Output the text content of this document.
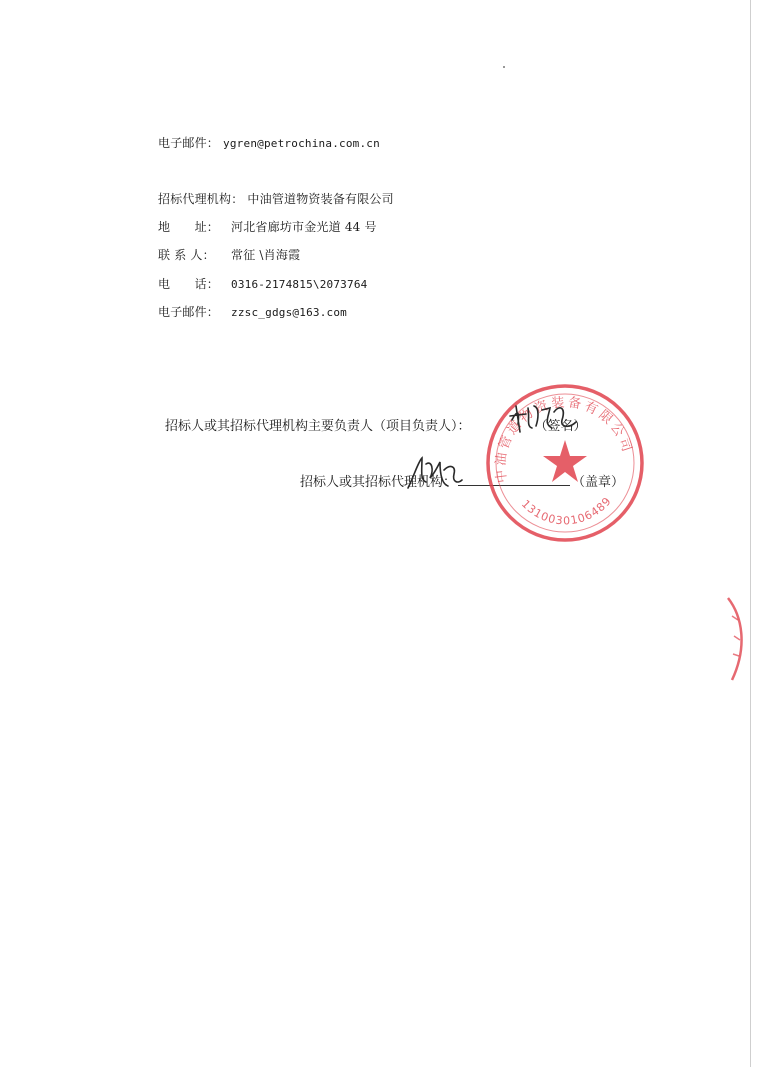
电子邮件： ygren@petrochina.com.cn
招标代理机构： 中油管道物资装备有限公司
地　　址： 河北省廊坊市金光道 44 号
联 系 人： 常征 \肖海霞
电　　话： 0316-2174815\2073764
电子邮件： zzsc_gdgs@163.com
招标人或其招标代理机构主要负责人（项目负责人）：	（签名）
招标人或其招标代理机构：	（盖章）
中油管道物资装备有限公司
1310030106489
